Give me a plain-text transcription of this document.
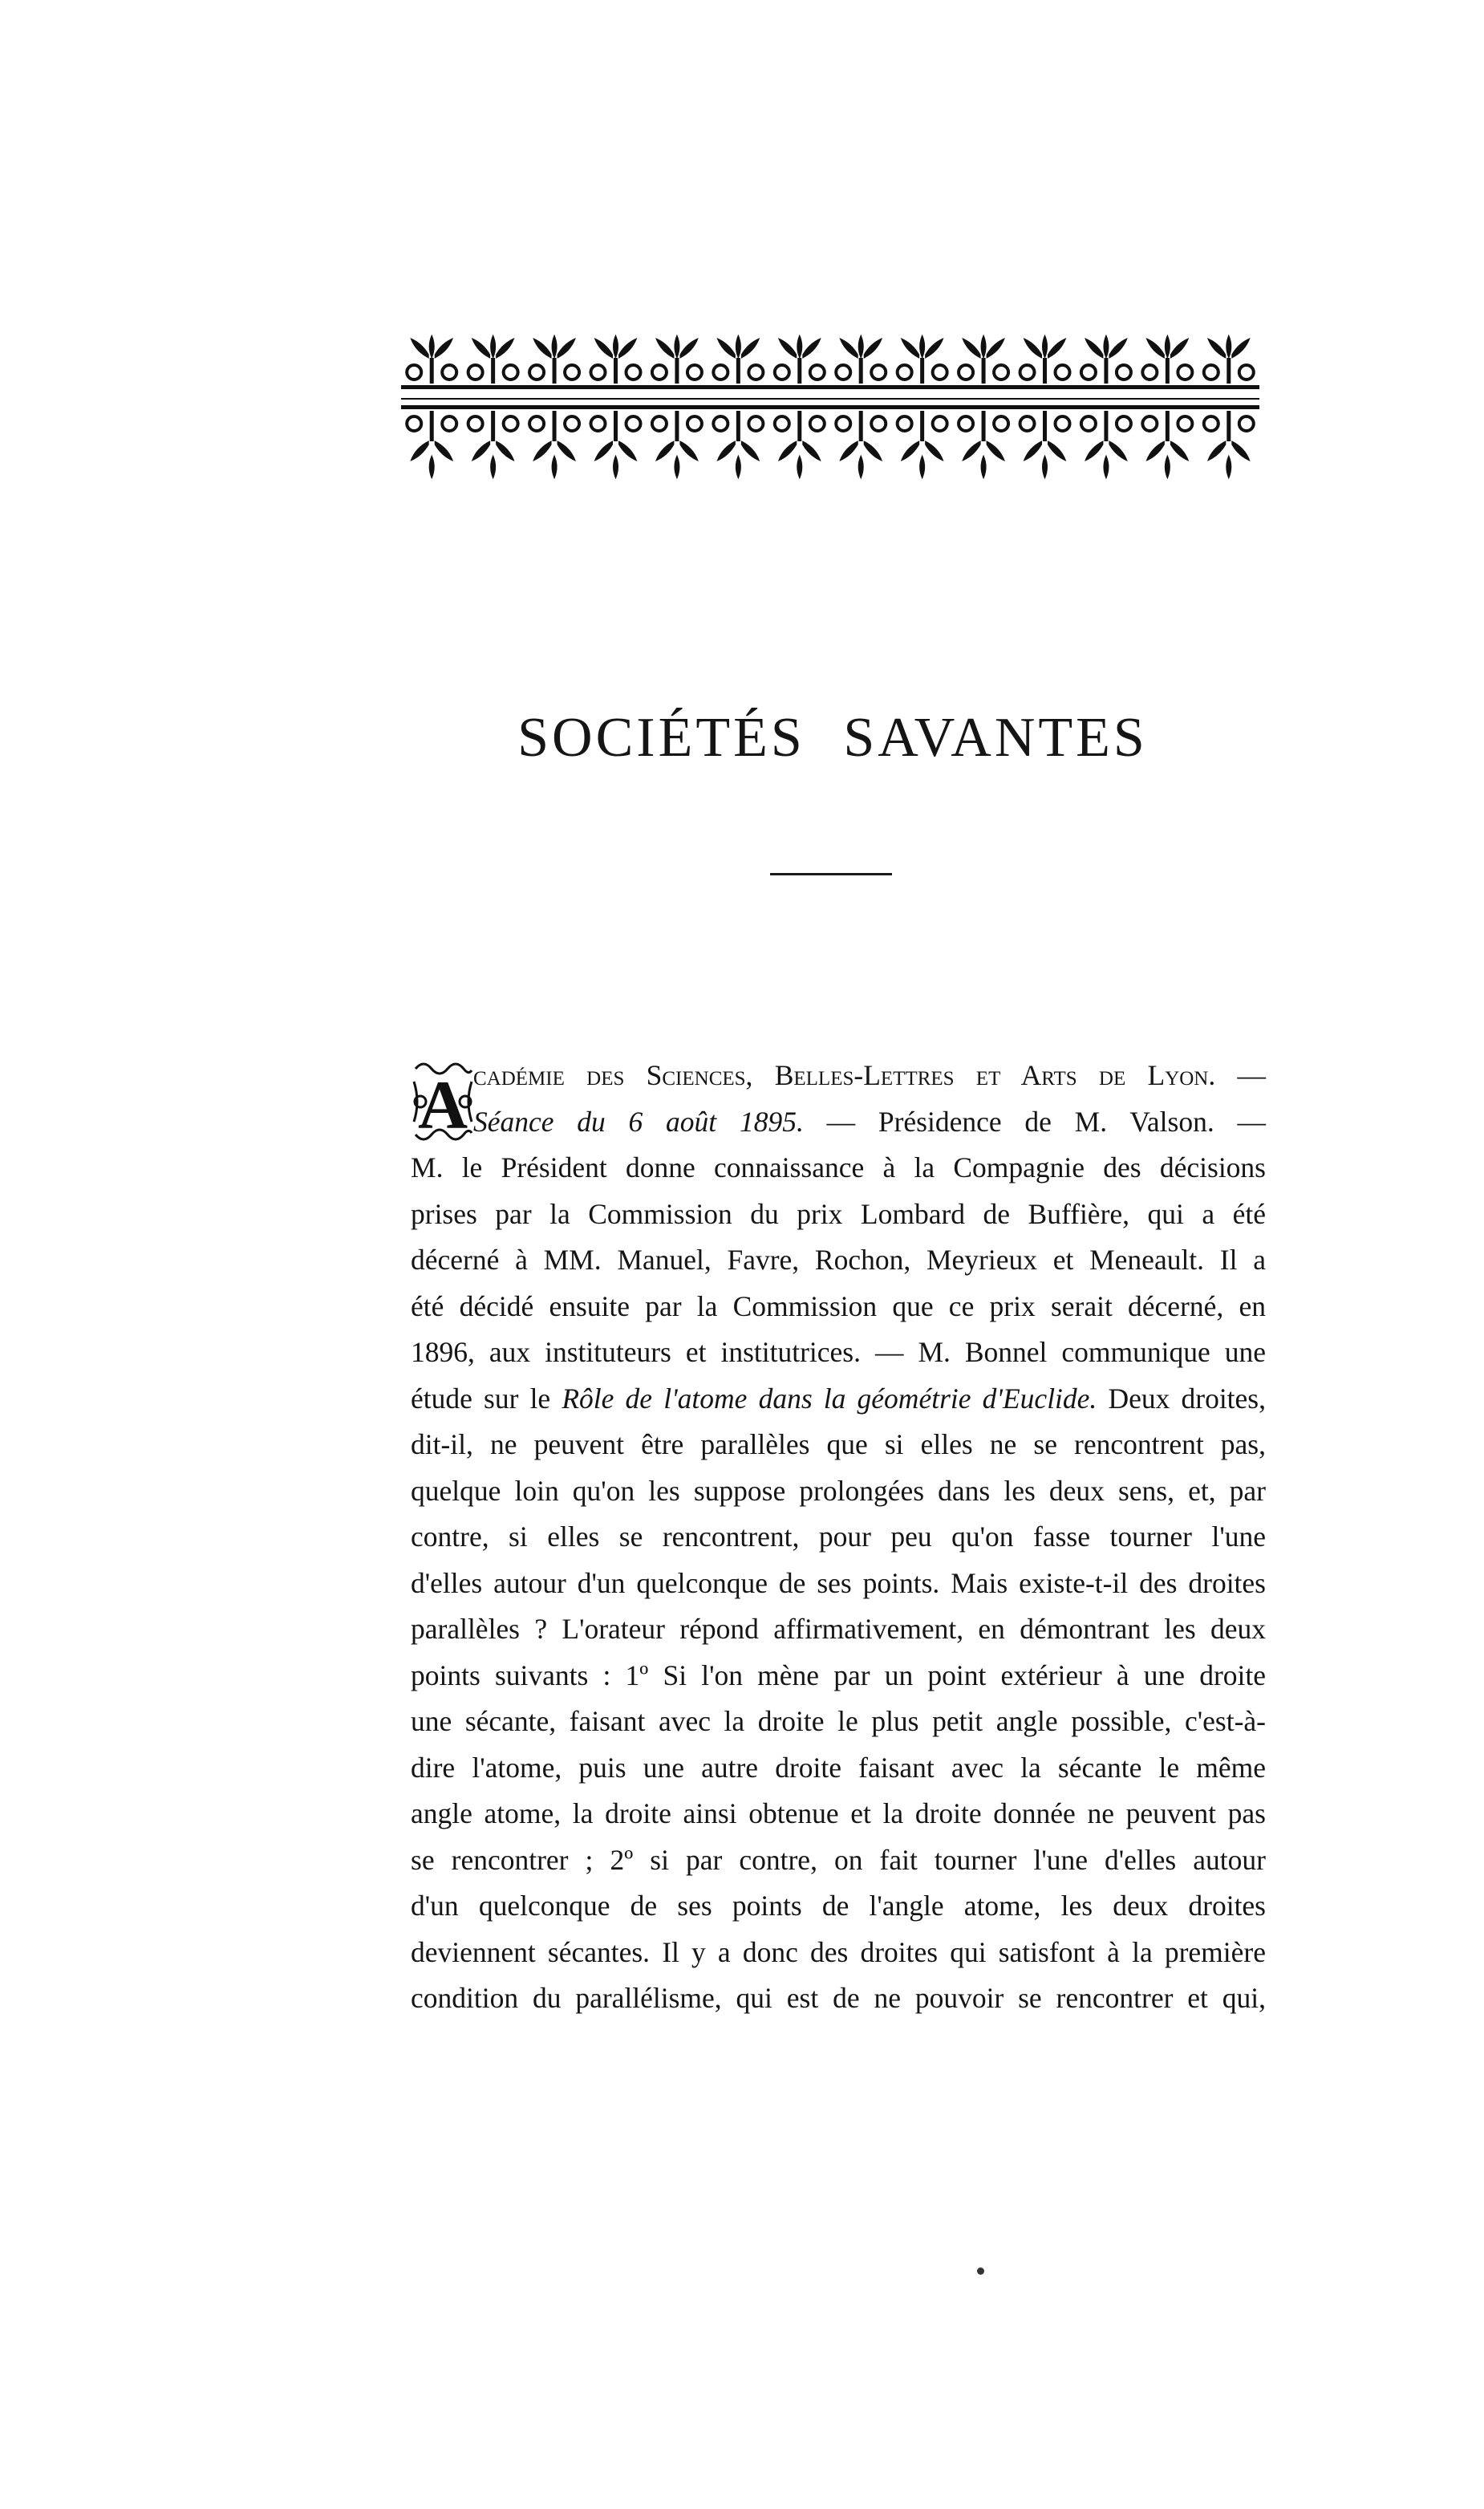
SOCIÉTÉS SAVANTES
A cadémie des Sciences, Belles-Lettres et Arts de Lyon. —
Séance du 6 août 1895. — Présidence de M. Valson. —
M. le Président donne connaissance à la Compagnie des décisions
prises par la Commission du prix Lombard de Buffière, qui a été
décerné à MM. Manuel, Favre, Rochon, Meyrieux et Meneault. Il a
été décidé ensuite par la Commission que ce prix serait décerné, en
1896, aux instituteurs et institutrices. — M. Bonnel communique une
étude sur le Rôle de l'atome dans la géométrie d'Euclide. Deux droites,
dit-il, ne peuvent être parallèles que si elles ne se rencontrent pas,
quelque loin qu'on les suppose prolongées dans les deux sens, et, par
contre, si elles se rencontrent, pour peu qu'on fasse tourner l'une
d'elles autour d'un quelconque de ses points. Mais existe-t-il des droites
parallèles ? L'orateur répond affirmativement, en démontrant les deux
points suivants : 1º Si l'on mène par un point extérieur à une droite
une sécante, faisant avec la droite le plus petit angle possible, c'est-à-
dire l'atome, puis une autre droite faisant avec la sécante le même
angle atome, la droite ainsi obtenue et la droite donnée ne peuvent pas
se rencontrer ; 2º si par contre, on fait tourner l'une d'elles autour
d'un quelconque de ses points de l'angle atome, les deux droites
deviennent sécantes. Il y a donc des droites qui satisfont à la première
condition du parallélisme, qui est de ne pouvoir se rencontrer et qui,
